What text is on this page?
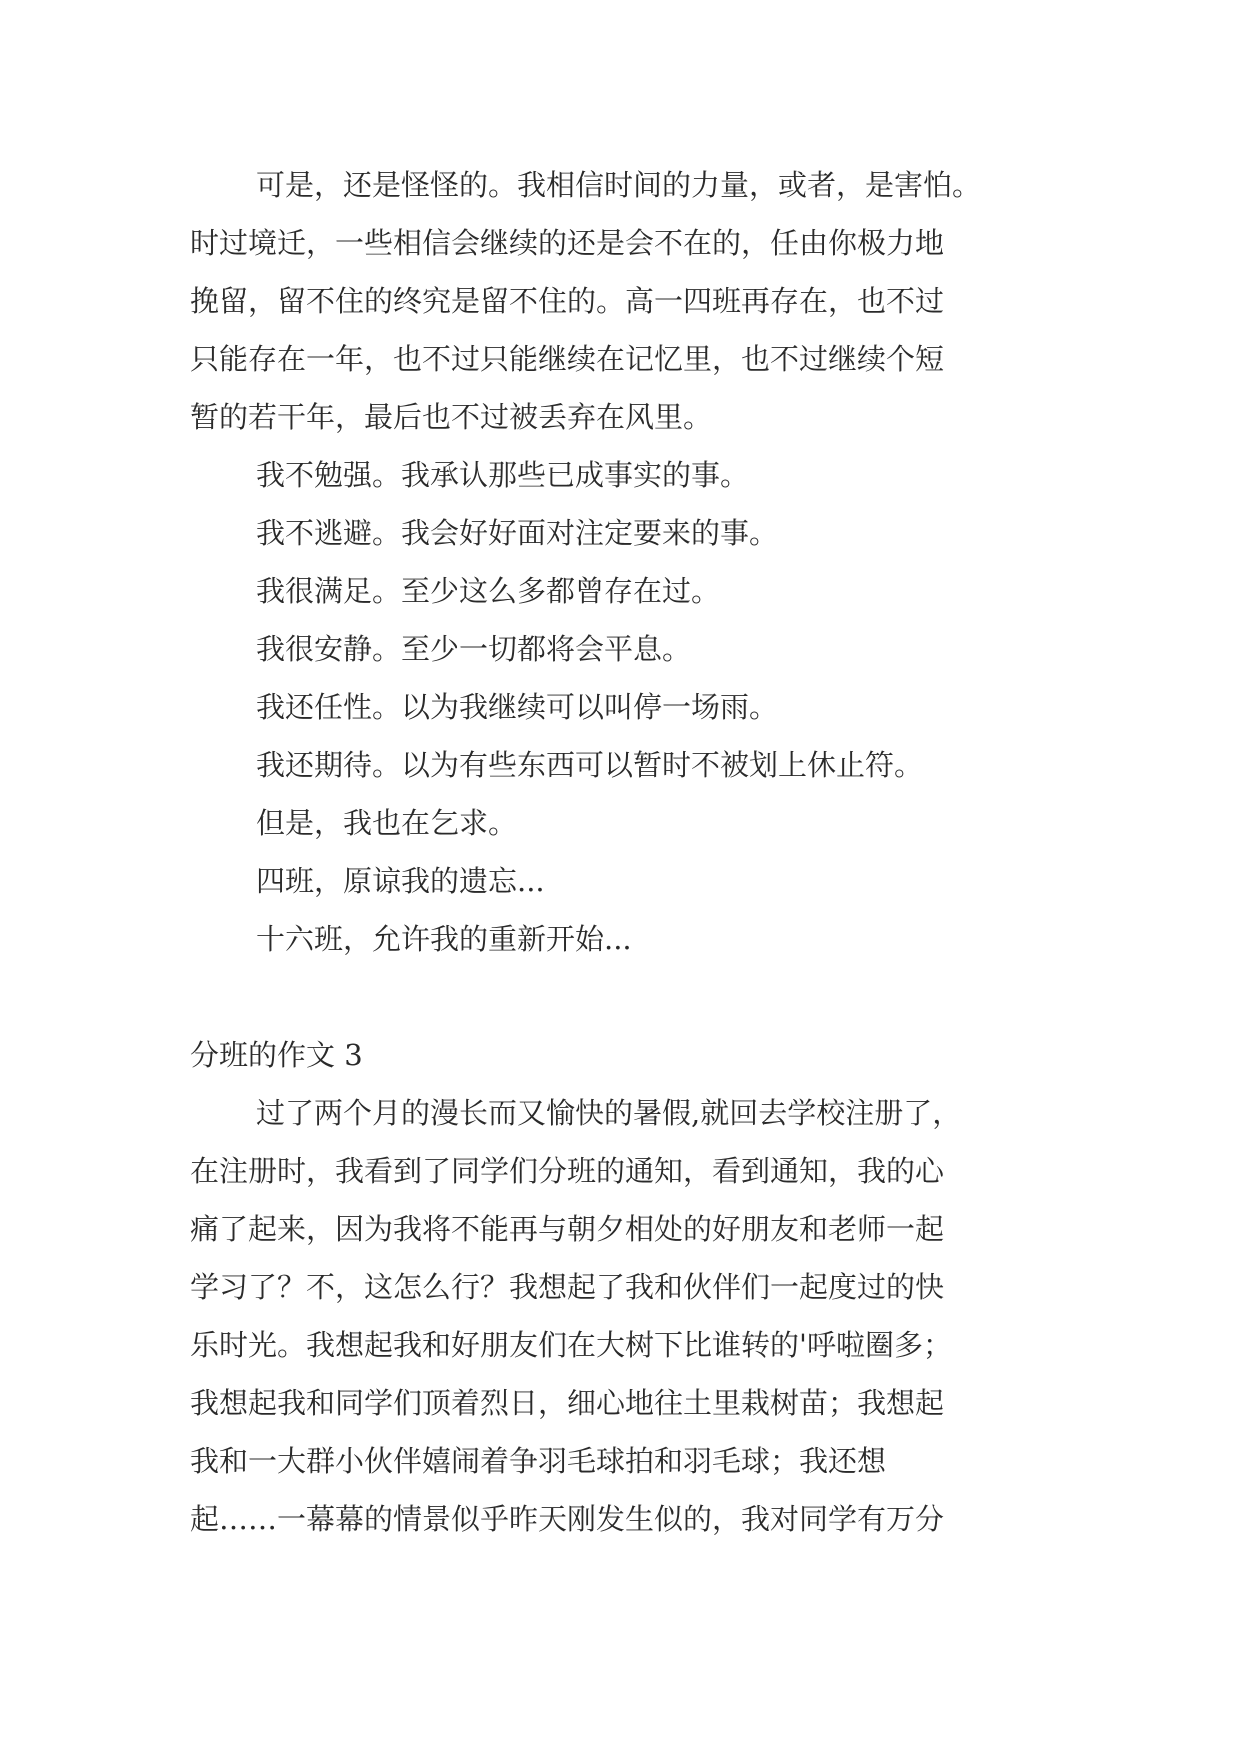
可是，还是怪怪的。我相信时间的力量，或者，是害怕。
时过境迁，一些相信会继续的还是会不在的，任由你极力地
挽留，留不住的终究是留不住的。高一四班再存在，也不过
只能存在一年，也不过只能继续在记忆里，也不过继续个短
暂的若干年，最后也不过被丢弃在风里。
我不勉强。我承认那些已成事实的事。
我不逃避。我会好好面对注定要来的事。
我很满足。至少这么多都曾存在过。
我很安静。至少一切都将会平息。
我还任性。以为我继续可以叫停一场雨。
我还期待。以为有些东西可以暂时不被划上休止符。
但是，我也在乞求。
四班，原谅我的遗忘...
十六班，允许我的重新开始...
分班的作文 3
过了两个月的漫长而又愉快的暑假,就回去学校注册了，
在注册时，我看到了同学们分班的通知，看到通知，我的心
痛了起来，因为我将不能再与朝夕相处的好朋友和老师一起
学习了？不，这怎么行？我想起了我和伙伴们一起度过的快
乐时光。我想起我和好朋友们在大树下比谁转的'呼啦圈多；
我想起我和同学们顶着烈日，细心地往土里栽树苗；我想起
我和一大群小伙伴嬉闹着争羽毛球拍和羽毛球；我还想
起……一幕幕的情景似乎昨天刚发生似的，我对同学有万分
